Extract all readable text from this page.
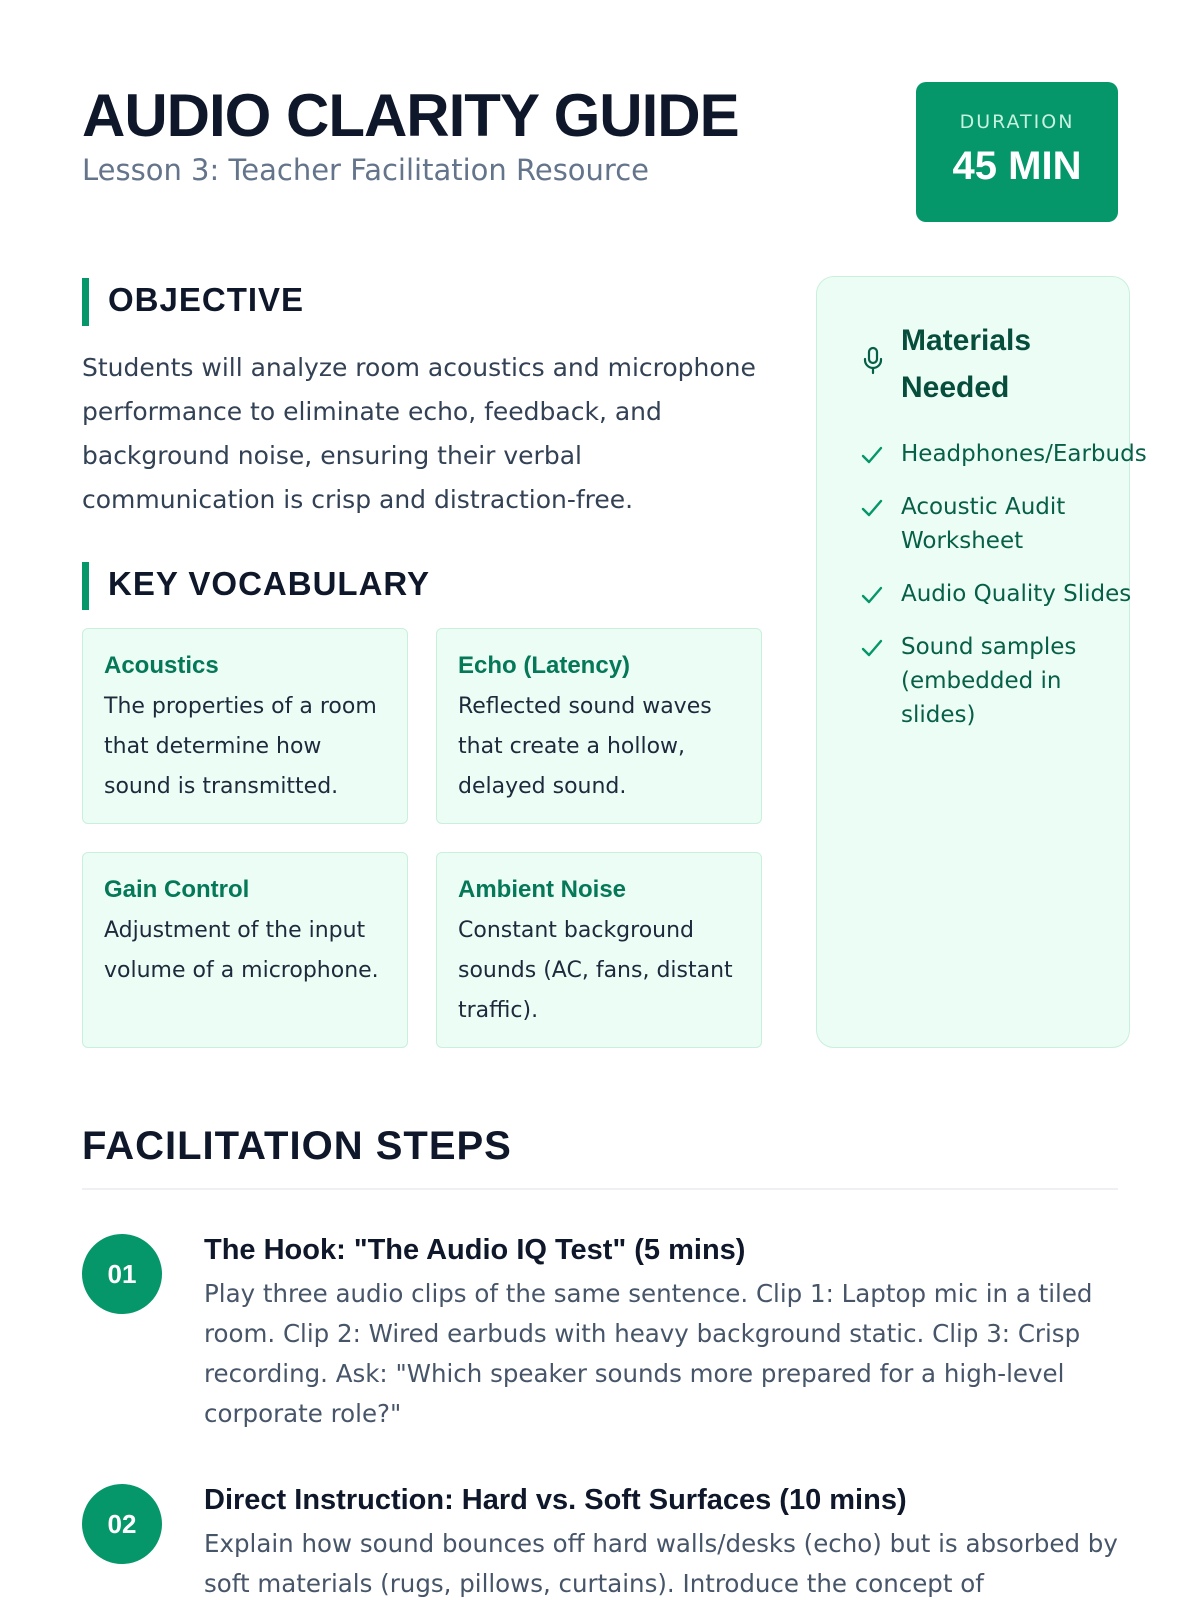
AUDIO CLARITY GUIDE

Lesson 3: Teacher Facilitation Resource

DURATION
45 MIN
OBJECTIVE

Students will analyze room acoustics and microphone performance to eliminate echo, feedback, and background noise, ensuring their verbal communication is crisp and distraction-free.

KEY VOCABULARY
Acoustics
The properties of a room that determine how sound is transmitted.
Echo (Latency)
Reflected sound waves that create a hollow, delayed sound.
Gain Control
Adjustment of the input volume of a microphone.
Ambient Noise
Constant background sounds (AC, fans, distant traffic).
Materials Needed
Headphones/Earbuds
Acoustic Audit Worksheet
Audio Quality Slides
Sound samples (embedded in slides)
FACILITATION STEPS
01
The Hook: "The Audio IQ Test" (5 mins)

Play three audio clips of the same sentence. Clip 1: Laptop mic in a tiled room. Clip 2: Wired earbuds with heavy background static. Clip 3: Crisp recording. Ask: "Which speaker sounds more prepared for a high-level corporate role?"

02
Direct Instruction: Hard vs. Soft Surfaces (10 mins)

Explain how sound bounces off hard walls/desks (echo) but is absorbed by soft materials (rugs, pillows, curtains). Introduce the concept of
